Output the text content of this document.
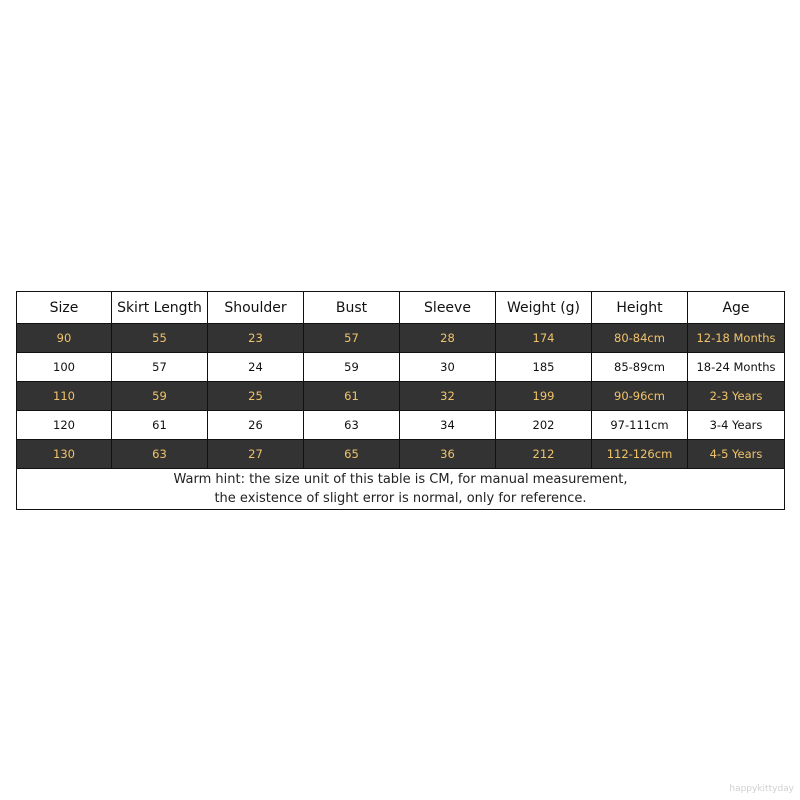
Size	Skirt Length	Shoulder	Bust	Sleeve	Weight (g)	Height	Age
90	55	23	57	28	174	80-84cm	12-18 Months
100	57	24	59	30	185	85-89cm	18-24 Months
110	59	25	61	32	199	90-96cm	2-3 Years
120	61	26	63	34	202	97-111cm	3-4 Years
130	63	27	65	36	212	112-126cm	4-5 Years

Warm hint: the size unit of this table is CM, for manual measurement,
the existence of slight error is normal, only for reference.							
happykittyday
